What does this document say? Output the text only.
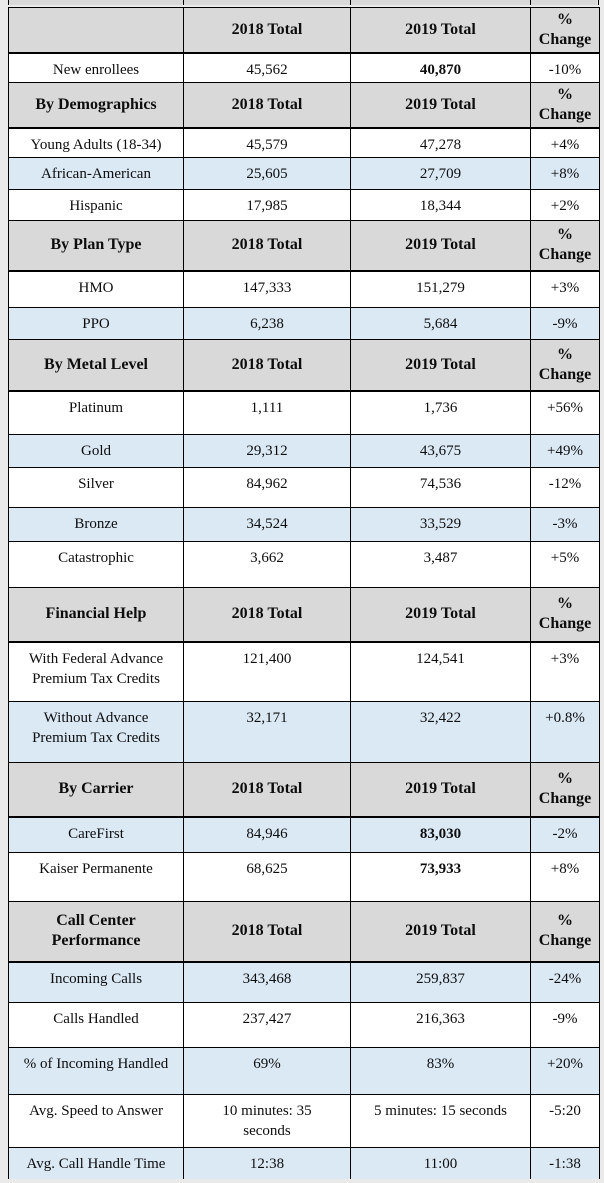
	2018 Total	2019 Total	% Change
New enrollees	45,562	40,870	-10%
By Demographics	2018 Total	2019 Total	% Change
Young Adults (18-34)	45,579	47,278	+4%
African-American	25,605	27,709	+8%
Hispanic	17,985	18,344	+2%
By Plan Type	2018 Total	2019 Total	% Change
HMO	147,333	151,279	+3%
PPO	6,238	5,684	-9%
By Metal Level	2018 Total	2019 Total	% Change
Platinum	1,111	1,736	+56%
Gold	29,312	43,675	+49%
Silver	84,962	74,536	-12%
Bronze	34,524	33,529	-3%
Catastrophic	3,662	3,487	+5%
Financial Help	2018 Total	2019 Total	% Change
With Federal Advance Premium Tax Credits	121,400	124,541	+3%
Without Advance Premium Tax Credits	32,171	32,422	+0.8%
By Carrier	2018 Total	2019 Total	% Change
CareFirst	84,946	83,030	-2%
Kaiser Permanente	68,625	73,933	+8%
Call Center Performance	2018 Total	2019 Total	% Change
Incoming Calls	343,468	259,837	-24%
Calls Handled	237,427	216,363	-9%
% of Incoming Handled	69%	83%	+20%
Avg. Speed to Answer	10 minutes: 35 seconds	5 minutes: 15 seconds	-5:20
Avg. Call Handle Time	12:38	11:00	-1:38
